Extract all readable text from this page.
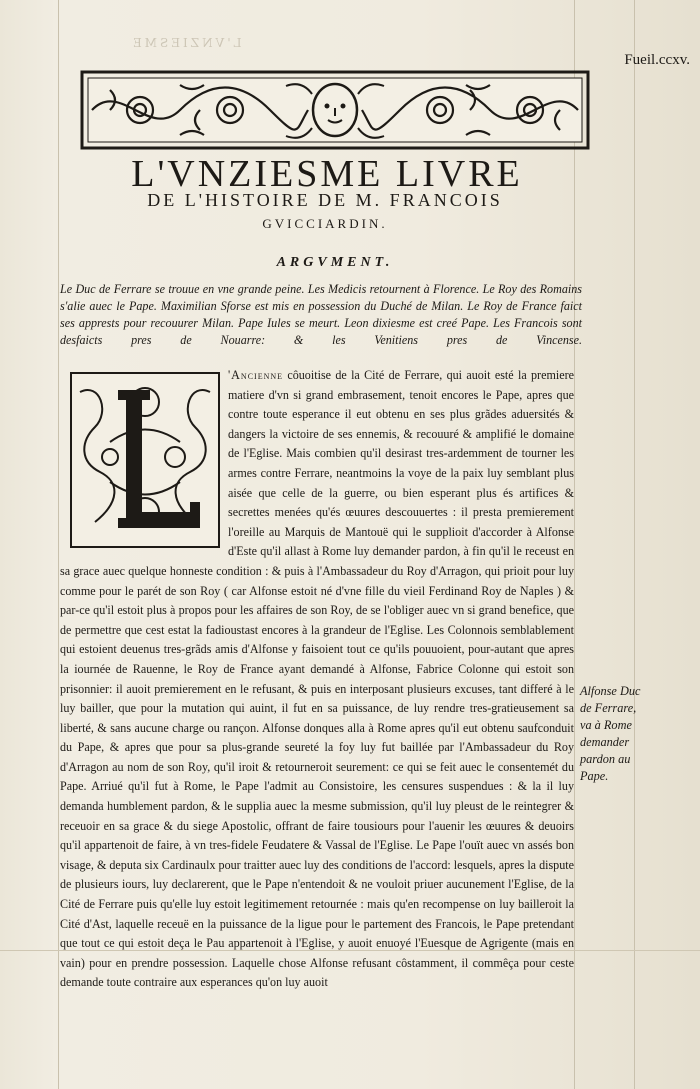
L'VNZIESME
Fueil.ccxv.
L'VNZIESME LIVRE
DE L'HISTOIRE DE M. FRANCOIS
GVICCIARDIN.
ARGVMENT.
Le Duc de Ferrare se trouue en vne grande peine. Les Medicis retournent à Florence. Le Roy des Romains s'alie auec le Pape. Maximilian Sforse est mis en possession du Duché de Milan. Le Roy de France faict ses apprests pour recouurer Milan. Pape Iules se meurt. Leon dixiesme est creé Pape. Les Francois sont desfaicts pres de Nouarre: & les Venitiens pres de Vincense.
'Ancienne côuoitise de la Cité de Ferrare, qui auoit esté la premiere matiere d'vn si grand embrasement, tenoit encores le Pape, apres que contre toute esperance il eut obtenu en ses plus grãdes aduersités & dangers la victoire de ses ennemis, & recouuré & amplifié le domaine de l'Eglise. Mais combien qu'il desirast tres-ardemment de tourner les armes contre Ferrare, neantmoins la voye de la paix luy semblant plus aisée que celle de la guerre, ou bien esperant plus és artifices & secrettes menées qu'és œuures descouuertes : il presta premierement l'oreille au Marquis de Mantouë qui le supplioit d'accorder à Alfonse d'Este qu'il allast à Rome luy demander pardon, à fin qu'il le receust en sa grace auec quelque honneste condition : & puis à l'Ambassadeur du Roy d'Arragon, qui prioit pour luy comme pour le parét de son Roy ( car Alfonse estoit né d'vne fille du vieil Ferdinand Roy de Naples ) & par-ce qu'il estoit plus à propos pour les affaires de son Roy, de se l'obliger auec vn si grand benefice, que de permettre que cest estat la fadioustast encores à la grandeur de l'Eglise. Les Colonnois semblablement qui estoient deuenus tres-grãds amis d'Alfonse y faisoient tout ce qu'ils pouuoient, pour-autant que apres la iournée de Rauenne, le Roy de France ayant demandé à Alfonse, Fabrice Colonne qui estoit son prisonnier: il auoit premierement en le refusant, & puis en interposant plusieurs excuses, tant differé à le luy bailler, que pour la mutation qui auint, il fut en sa puissance, de luy rendre tres-gratieusement sa liberté, & sans aucune charge ou rançon. Alfonse donques alla à Rome apres qu'il eut obtenu saufconduit du Pape, & apres que pour sa plus-grande seureté la foy luy fut baillée par l'Ambassadeur du Roy d'Arragon au nom de son Roy, qu'il iroit & retourneroit seurement: ce qui se feit auec le consentemét du Pape. Arriué qu'il fut à Rome, le Pape l'admit au Consistoire, les censures suspendues : & la il luy demanda humblement pardon, & le supplia auec la mesme submission, qu'il luy pleust de le reintegrer & receuoir en sa grace & du siege Apostolic, offrant de faire tousiours pour l'auenir les œuures & deuoirs qu'il appartenoit de faire, à vn tres-fidele Feudatere & Vassal de l'Eglise. Le Pape l'ouït auec vn assés bon visage, & deputa six Cardinaulx pour traitter auec luy des conditions de l'accord: lesquels, apres la dispute de plusieurs iours, luy declarerent, que le Pape n'entendoit & ne vouloit priuer aucunement l'Eglise, de la Cité de Ferrare puis qu'elle luy estoit legitimement retournée : mais qu'en recompense on luy bailleroit la Cité d'Ast, laquelle receuë en la puissance de la ligue pour le partement des Francois, le Pape pretendant que tout ce qui estoit deça le Pau appartenoit à l'Eglise, y auoit enuoyé l'Euesque de Agrigente (mais en vain) pour en prendre possession. Laquelle chose Alfonse refusant côstamment, il commêça pour ceste demande toute contraire aux esperances qu'on luy auoit
Alfonse Duc de Ferrare, va à Rome demander pardon au Pape.
